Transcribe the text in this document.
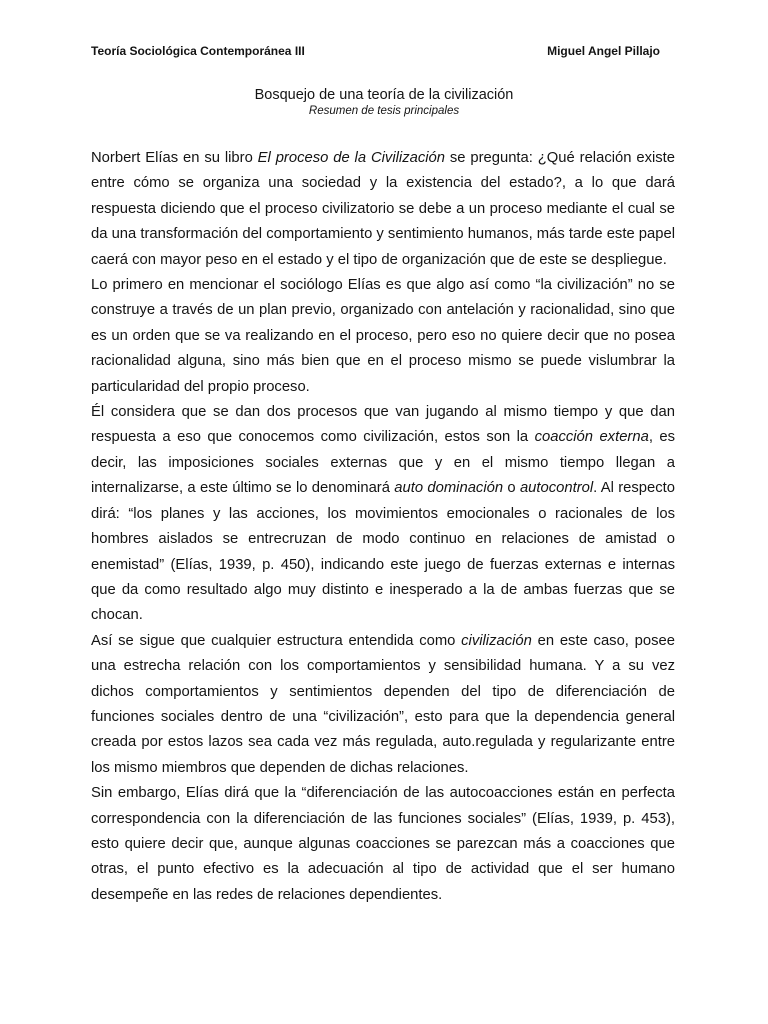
Teoría Sociológica Contemporánea III	Miguel Angel Pillajo
Bosquejo de una teoría de la civilización
Resumen de tesis principales

Norbert Elías en su libro El proceso de la Civilización se pregunta: ¿Qué relación existe entre cómo se organiza una sociedad y la existencia del estado?, a lo que dará respuesta diciendo que el proceso civilizatorio se debe a un proceso mediante el cual se da una transformación del comportamiento y sentimiento humanos, más tarde este papel caerá con mayor peso en el estado y el tipo de organización que de este se despliegue.

Lo primero en mencionar el sociólogo Elías es que algo así como “la civilización” no se construye a través de un plan previo, organizado con antelación y racionalidad, sino que es un orden que se va realizando en el proceso, pero eso no quiere decir que no posea racionalidad alguna, sino más bien que en el proceso mismo se puede vislumbrar la particularidad del propio proceso.

Él considera que se dan dos procesos que van jugando al mismo tiempo y que dan respuesta a eso que conocemos como civilización, estos son la coacción externa, es decir, las imposiciones sociales externas que y en el mismo tiempo llegan a internalizarse, a este último se lo denominará auto dominación o autocontrol. Al respecto dirá: “los planes y las acciones, los movimientos emocionales o racionales de los hombres aislados se entrecruzan de modo continuo en relaciones de amistad o enemistad” (Elías, 1939, p. 450), indicando este juego de fuerzas externas e internas que da como resultado algo muy distinto e inesperado a la de ambas fuerzas que se chocan.

Así se sigue que cualquier estructura entendida como civilización en este caso, posee una estrecha relación con los comportamientos y sensibilidad humana. Y a su vez dichos comportamientos y sentimientos dependen del tipo de diferenciación de funciones sociales dentro de una “civilización”, esto para que la dependencia general creada por estos lazos sea cada vez más regulada, auto.regulada y regularizante entre los mismo miembros que dependen de dichas relaciones.

Sin embargo, Elías dirá que la “diferenciación de las autocoacciones están en perfecta correspondencia con la diferenciación de las funciones sociales” (Elías, 1939, p. 453), esto quiere decir que, aunque algunas coacciones se parezcan más a coacciones que otras, el punto efectivo es la adecuación al tipo de actividad que el ser humano desempeñe en las redes de relaciones dependientes.
